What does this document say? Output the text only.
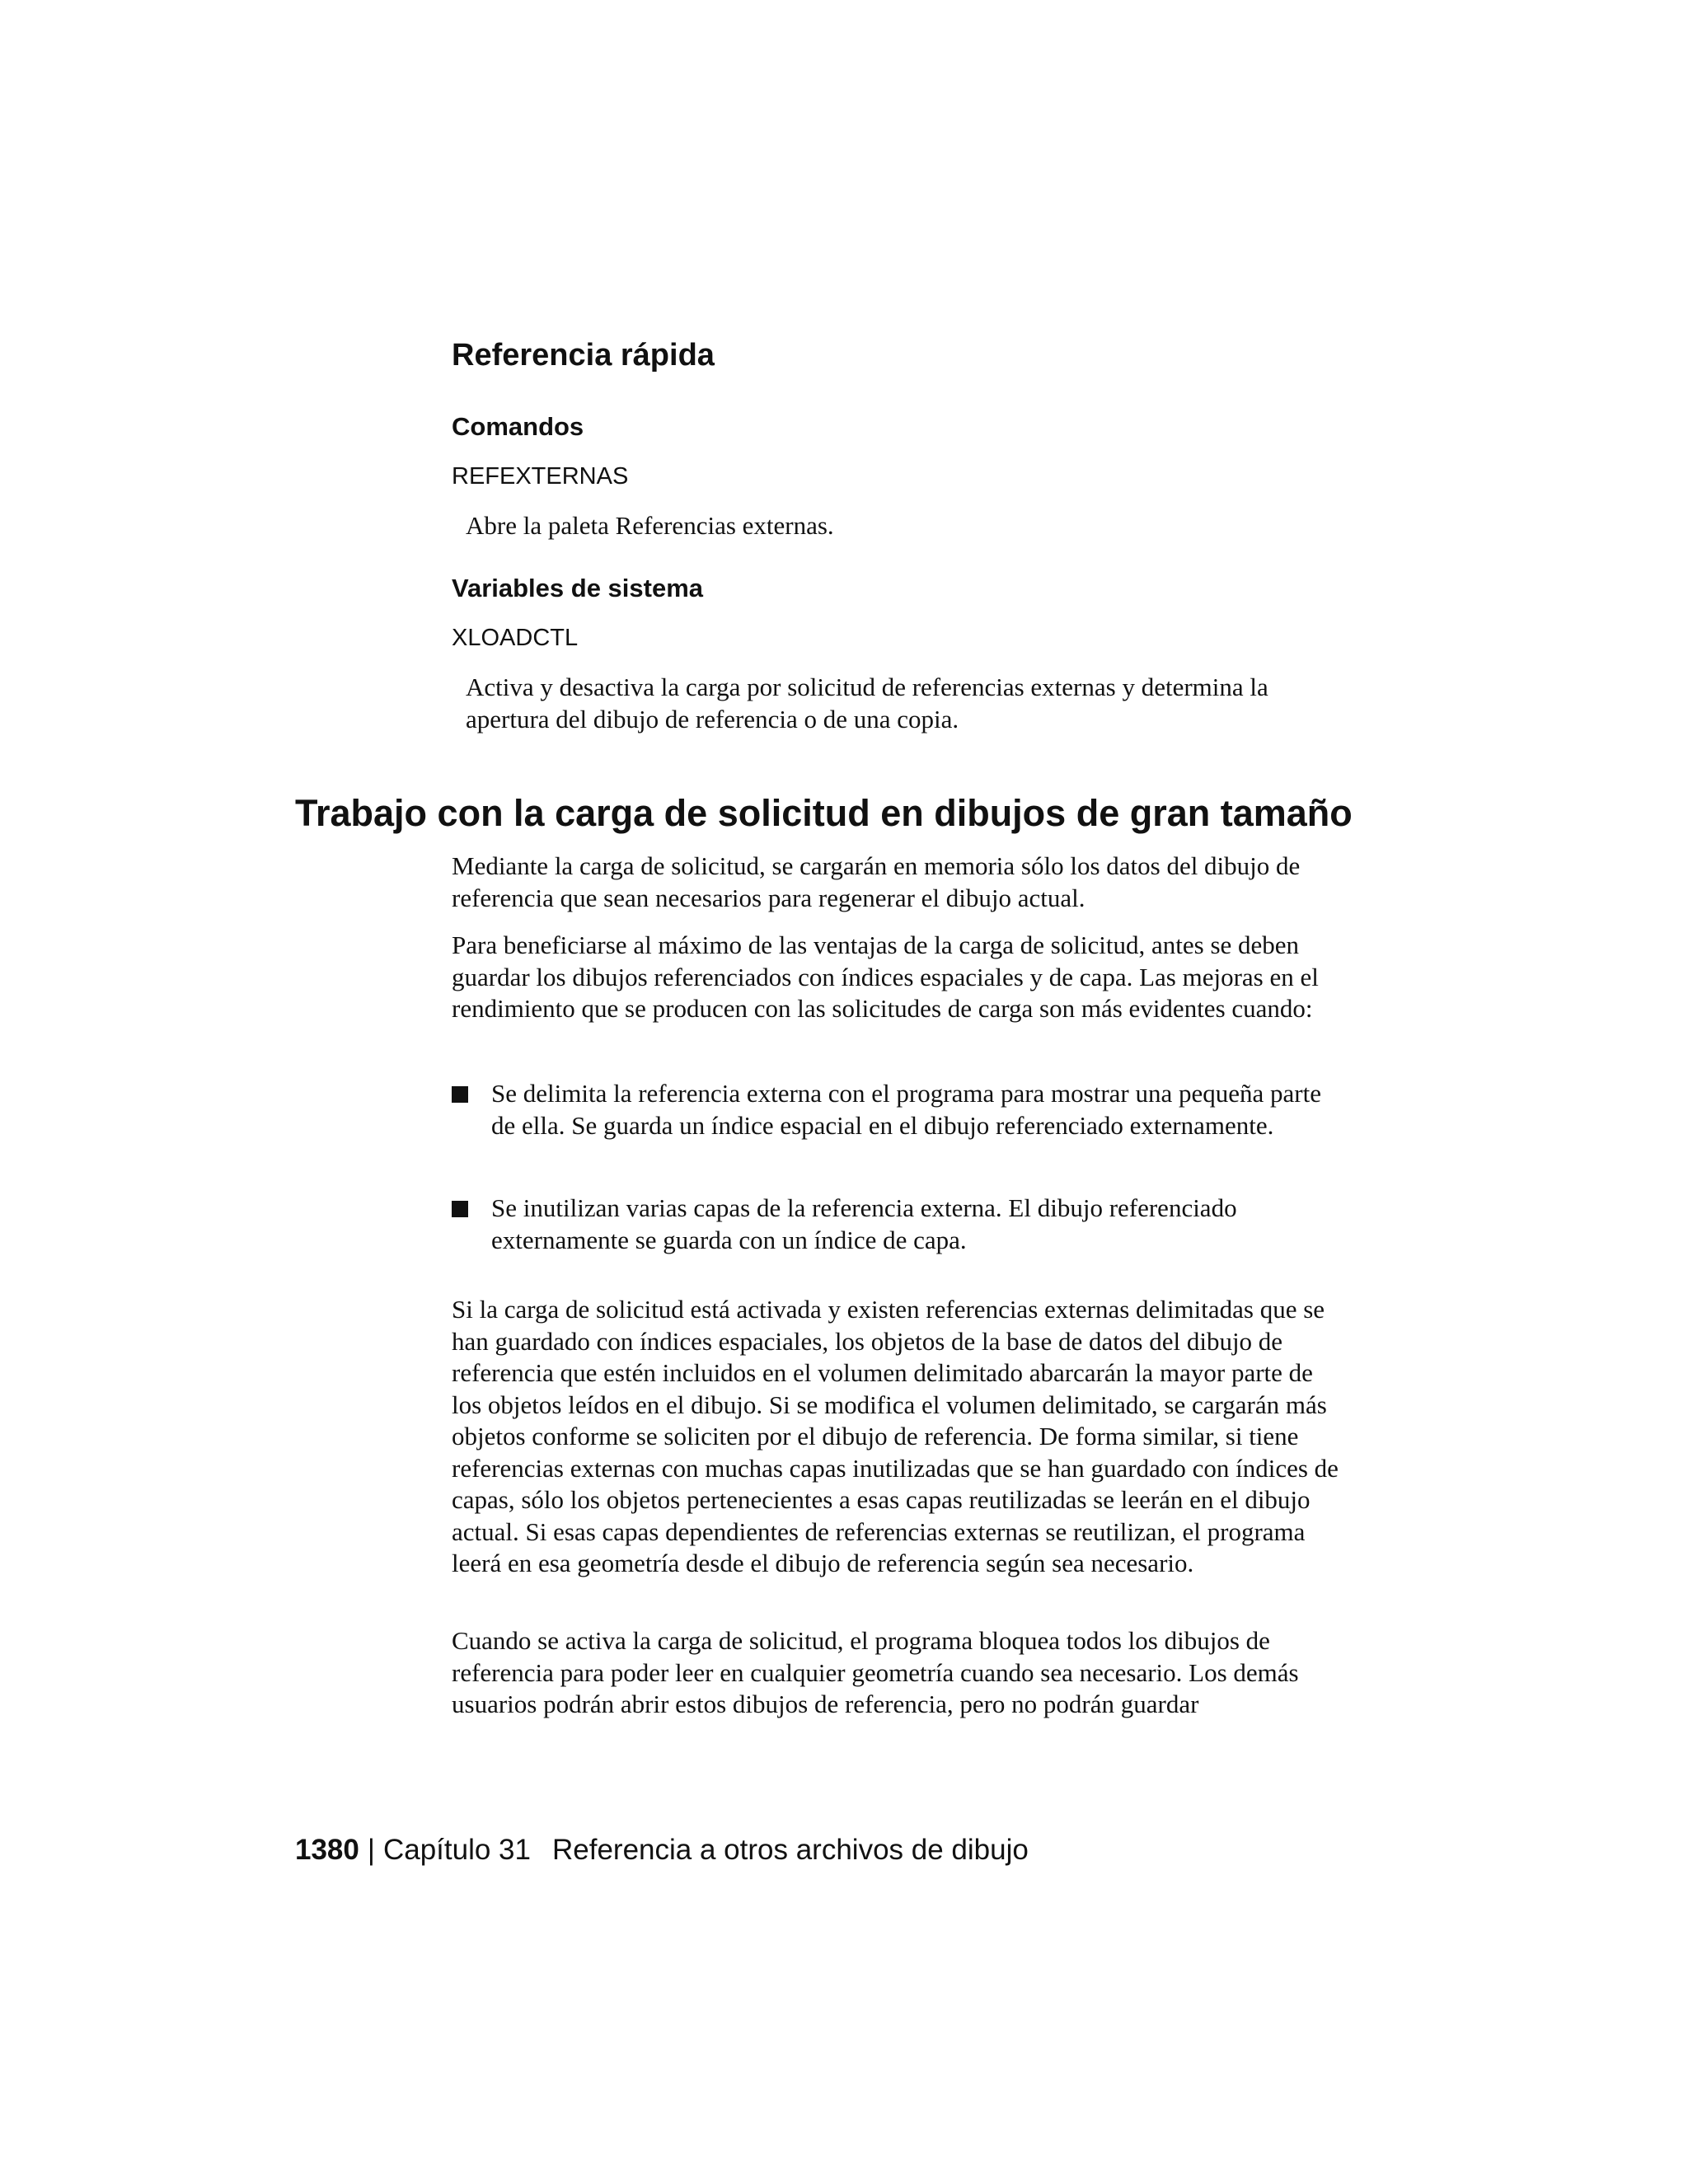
Referencia rápida
Comandos
REFEXTERNAS

Abre la paleta Referencias externas.

Variables de sistema
XLOADCTL

Activa y desactiva la carga por solicitud de referencias externas y determina la apertura del dibujo de referencia o de una copia.

Trabajo con la carga de solicitud en dibujos de gran tamaño

Mediante la carga de solicitud, se cargarán en memoria sólo los datos del dibujo de referencia que sean necesarios para regenerar el dibujo actual.

Para beneficiarse al máximo de las ventajas de la carga de solicitud, antes se deben guardar los dibujos referenciados con índices espaciales y de capa. Las mejoras en el rendimiento que se producen con las solicitudes de carga son más evidentes cuando:

Se delimita la referencia externa con el programa para mostrar una pequeña parte de ella. Se guarda un índice espacial en el dibujo referenciado externamente.

Se inutilizan varias capas de la referencia externa. El dibujo referenciado externamente se guarda con un índice de capa.

Si la carga de solicitud está activada y existen referencias externas delimitadas que se han guardado con índices espaciales, los objetos de la base de datos del dibujo de referencia que estén incluidos en el volumen delimitado abarcarán la mayor parte de los objetos leídos en el dibujo. Si se modifica el volumen delimitado, se cargarán más objetos conforme se soliciten por el dibujo de referencia. De forma similar, si tiene referencias externas con muchas capas inutilizadas que se han guardado con índices de capas, sólo los objetos pertenecientes a esas capas reutilizadas se leerán en el dibujo actual. Si esas capas dependientes de referencias externas se reutilizan, el programa leerá en esa geometría desde el dibujo de referencia según sea necesario.

Cuando se activa la carga de solicitud, el programa bloquea todos los dibujos de referencia para poder leer en cualquier geometría cuando sea necesario. Los demás usuarios podrán abrir estos dibujos de referencia, pero no podrán guardar

1380 | Capítulo 31 Referencia a otros archivos de dibujo
